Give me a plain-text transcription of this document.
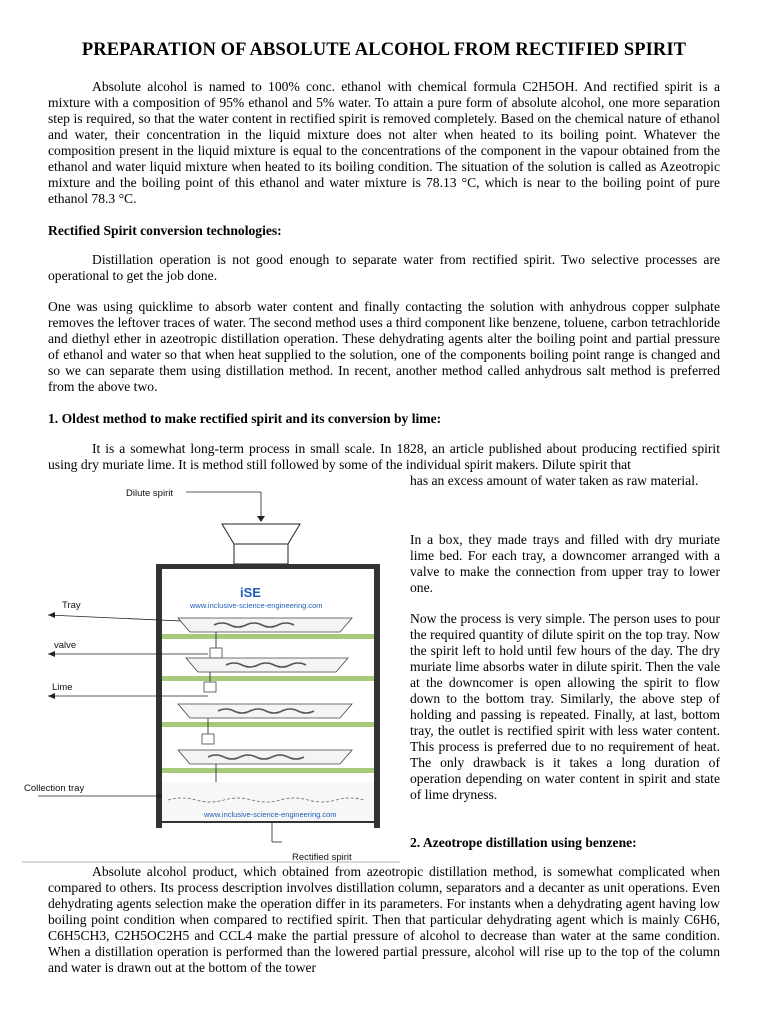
PREPARATION OF ABSOLUTE ALCOHOL FROM RECTIFIED SPIRIT
Absolute alcohol is named to 100% conc. ethanol with chemical formula C2H5OH. And rectified spirit is a mixture with a composition of 95% ethanol and 5% water. To attain a pure form of absolute alcohol, one more separation step is required, so that the water content in rectified spirit is removed completely. Based on the chemical nature of ethanol and water, their concentration in the liquid mixture does not alter when heated to its boiling point. Whatever the composition present in the liquid mixture is equal to the concentrations of the component in the vapour obtained from the ethanol and water liquid mixture when heated to its boiling condition. The situation of the solution is called as Azeotropic mixture and the boiling point of this ethanol and water mixture is 78.13 °C, which is near to the boiling point of pure ethanol 78.3 °C.
Rectified Spirit conversion technologies:
Distillation operation is not good enough to separate water from rectified spirit. Two selective processes are operational to get the job done.
One was using quicklime to absorb water content and finally contacting the solution with anhydrous copper sulphate removes the leftover traces of water. The second method uses a third component like benzene, toluene, carbon tetrachloride and diethyl ether in azeotropic distillation operation. These dehydrating agents alter the boiling point and partial pressure of ethanol and water so that when heat supplied to the solution, one of the components boiling point range is changed and so we can separate them using distillation method. In recent, another method called anhydrous salt method is preferred from the above two.
1. Oldest method to make rectified spirit and its conversion by lime:
It is a somewhat long-term process in small scale. In 1828, an article published about producing rectified spirit using dry muriate lime. It is method still followed by some of the individual spirit makers. Dilute spirit that
has an excess amount of water taken as raw material.
In a box, they made trays and filled with dry muriate lime bed. For each tray, a downcomer arranged with a valve to make the connection from upper tray to lower one.
Now the process is very simple. The person uses to pour the required quantity of dilute spirit on the top tray. Now the spirit left to hold until few hours of the day. The dry muriate lime absorbs water in dilute spirit. Then the vale at the downcomer is open allowing the spirit to flow down to the bottom tray. Similarly, the above step of holding and passing is repeated. Finally, at last, bottom tray, the outlet is rectified spirit with less water content. This process is preferred due to no requirement of heat. The only drawback is it takes a long duration of operation depending on water content in spirit and state of lime dryness.
2. Azeotrope distillation using benzene:
Absolute alcohol product, which obtained from azeotropic distillation method, is somewhat complicated when compared to others. Its process description involves distillation column, separators and a decanter as unit operations. Even dehydrating agents selection make the operation differ in its parameters. For instants when a dehydrating agent having low boiling point condition when compared to rectified spirit. Then that particular dehydrating agent which is mainly C6H6, C6H5CH3, C2H5OC2H5 and CCL4 make the partial pressure of alcohol to decrease than water at the same condition. When a distillation operation is performed than the lowered partial pressure, alcohol will rise up to the top of the column and water is drawn out at the bottom of the tower
Dilute spirit
iSE
www.inclusive-science-engineering.com
Tray
valve
Lime
Collection tray
www.inclusive-science-engineering.com
Rectified spirit
